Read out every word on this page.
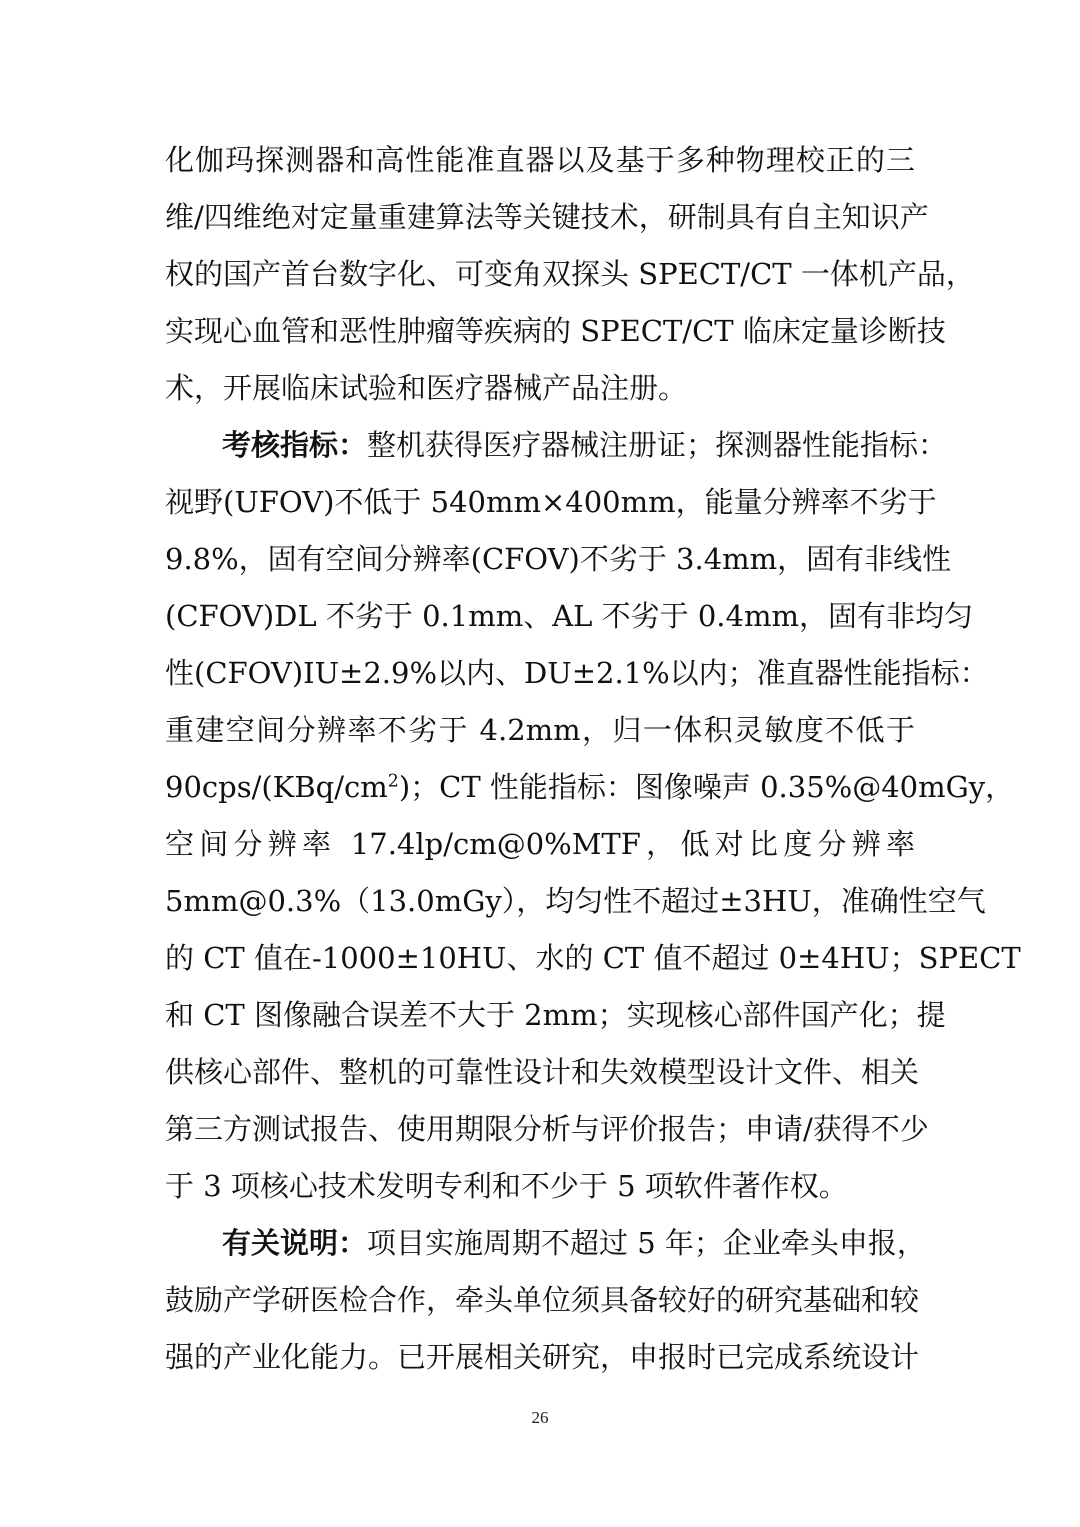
化伽玛探测器和高性能准直器以及基于多种物理校正的三
维/四维绝对定量重建算法等关键技术，研制具有自主知识产
权的国产首台数字化、可变角双探头 SPECT/CT 一体机产品，
实现心血管和恶性肿瘤等疾病的 SPECT/CT 临床定量诊断技
术，开展临床试验和医疗器械产品注册。
考核指标：整机获得医疗器械注册证；探测器性能指标：
视野(UFOV)不低于 540mm×400mm，能量分辨率不劣于
9.8%，固有空间分辨率(CFOV)不劣于 3.4mm，固有非线性
(CFOV)DL 不劣于 0.1mm、AL 不劣于 0.4mm，固有非均匀
性(CFOV)IU±2.9%以内、DU±2.1%以内；准直器性能指标：
重建空间分辨率不劣于 4.2mm，归一体积灵敏度不低于
$90cps/(KBq/cm^2)$；CT 性能指标：图像噪声 0.35%@40mGy，
空间分辨率 17.4lp/cm@0%MTF，低对比度分辨率
5mm@0.3%（13.0mGy），均匀性不超过±3HU，准确性空气
的 CT 值在-1000±10HU、水的 CT 值不超过 0±4HU；SPECT
和 CT 图像融合误差不大于 2mm；实现核心部件国产化；提
供核心部件、整机的可靠性设计和失效模型设计文件、相关
第三方测试报告、使用期限分析与评价报告；申请/获得不少
于 3 项核心技术发明专利和不少于 5 项软件著作权。
有关说明：项目实施周期不超过 5 年；企业牵头申报，
鼓励产学研医检合作，牵头单位须具备较好的研究基础和较
强的产业化能力。已开展相关研究，申报时已完成系统设计
26
